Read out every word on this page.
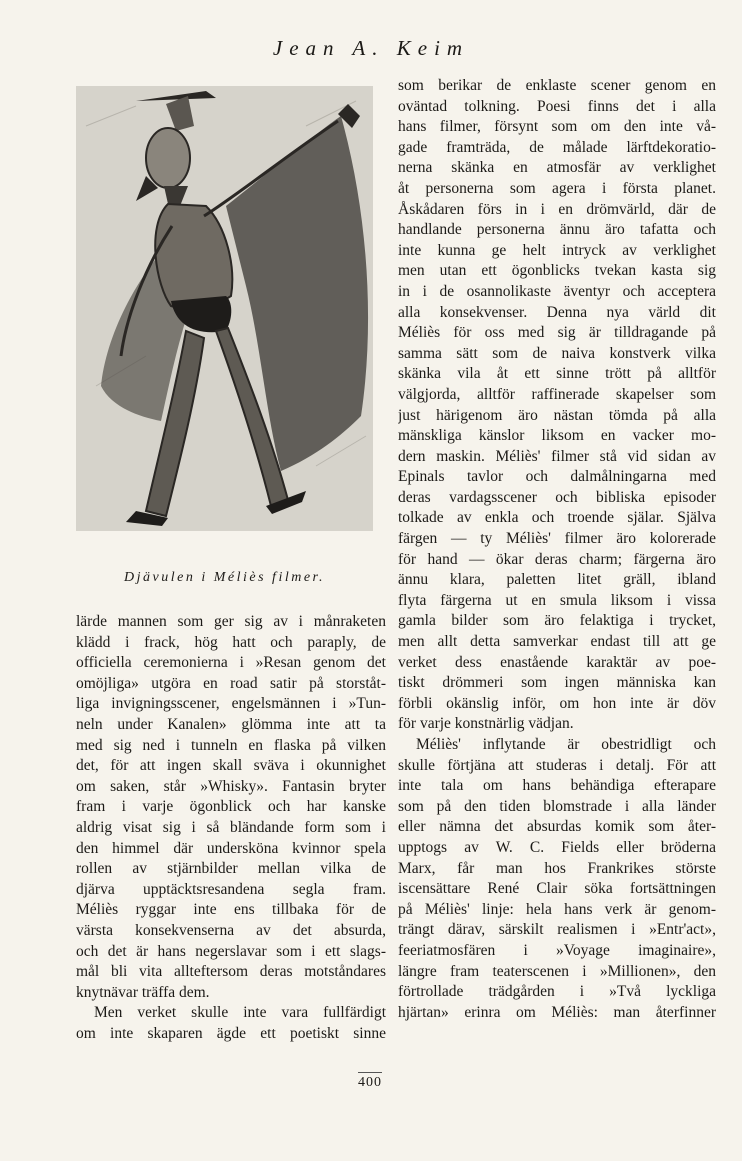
Jean A. Keim
Djävulen i Méliès filmer.

lärde mannen som ger sig av i månraketen
klädd i frack, hög hatt och paraply, de
officiella ceremonierna i »Resan genom det
omöjliga» utgöra en road satir på storståt-
liga invigningsscener, engelsmännen i »Tun-
neln under Kanalen» glömma inte att ta
med sig ned i tunneln en flaska på vilken
det, för att ingen skall sväva i okunnighet
om saken, står »Whisky». Fantasin bryter
fram i varje ögonblick och har kanske
aldrig visat sig i så bländande form som i
den himmel där undersköna kvinnor spela
rollen av stjärnbilder mellan vilka de
djärva upptäcktsresandena segla fram.
Méliès ryggar inte ens tillbaka för de
värsta konsekvenserna av det absurda,
och det är hans negerslavar som i ett slags-
mål bli vita allteftersom deras motståndares
knytnävar träffa dem.

Men verket skulle inte vara fullfärdigt
om inte skaparen ägde ett poetiskt sinne

som berikar de enklaste scener genom en
oväntad tolkning. Poesi finns det i alla
hans filmer, försynt som om den inte vå-
gade framträda, de målade lärftdekoratio-
nerna skänka en atmosfär av verklighet
åt personerna som agera i första planet.
Åskådaren förs in i en drömvärld, där de
handlande personerna ännu äro tafatta och
inte kunna ge helt intryck av verklighet
men utan ett ögonblicks tvekan kasta sig
in i de osannolikaste äventyr och acceptera
alla konsekvenser. Denna nya värld dit
Méliès för oss med sig är tilldragande på
samma sätt som de naiva konstverk vilka
skänka vila åt ett sinne trött på alltför
välgjorda, alltför raffinerade skapelser som
just härigenom äro nästan tömda på alla
mänskliga känslor liksom en vacker mo-
dern maskin. Méliès' filmer stå vid sidan av
Epinals tavlor och dalmålningarna med
deras vardagsscener och bibliska episoder
tolkade av enkla och troende själar. Själva
färgen — ty Méliès' filmer äro kolorerade
för hand — ökar deras charm; färgerna äro
ännu klara, paletten litet gräll, ibland
flyta färgerna ut en smula liksom i vissa
gamla bilder som äro felaktiga i trycket,
men allt detta samverkar endast till att ge
verket dess enastående karaktär av poe-
tiskt drömmeri som ingen människa kan
förbli okänslig inför, om hon inte är döv
för varje konstnärlig vädjan.

Méliès' inflytande är obestridligt och
skulle förtjäna att studeras i detalj. För att
inte tala om hans behändiga efterapare
som på den tiden blomstrade i alla länder
eller nämna det absurdas komik som åter-
upptogs av W. C. Fields eller bröderna
Marx, får man hos Frankrikes störste
iscensättare René Clair söka fortsättningen
på Méliès' linje: hela hans verk är genom-
trängt därav, särskilt realismen i »Entr'act»,
feeriatmosfären i »Voyage imaginaire»,
längre fram teaterscenen i »Millionen», den
förtrollade trädgården i »Två lyckliga
hjärtan» erinra om Méliès: man återfinner

400
